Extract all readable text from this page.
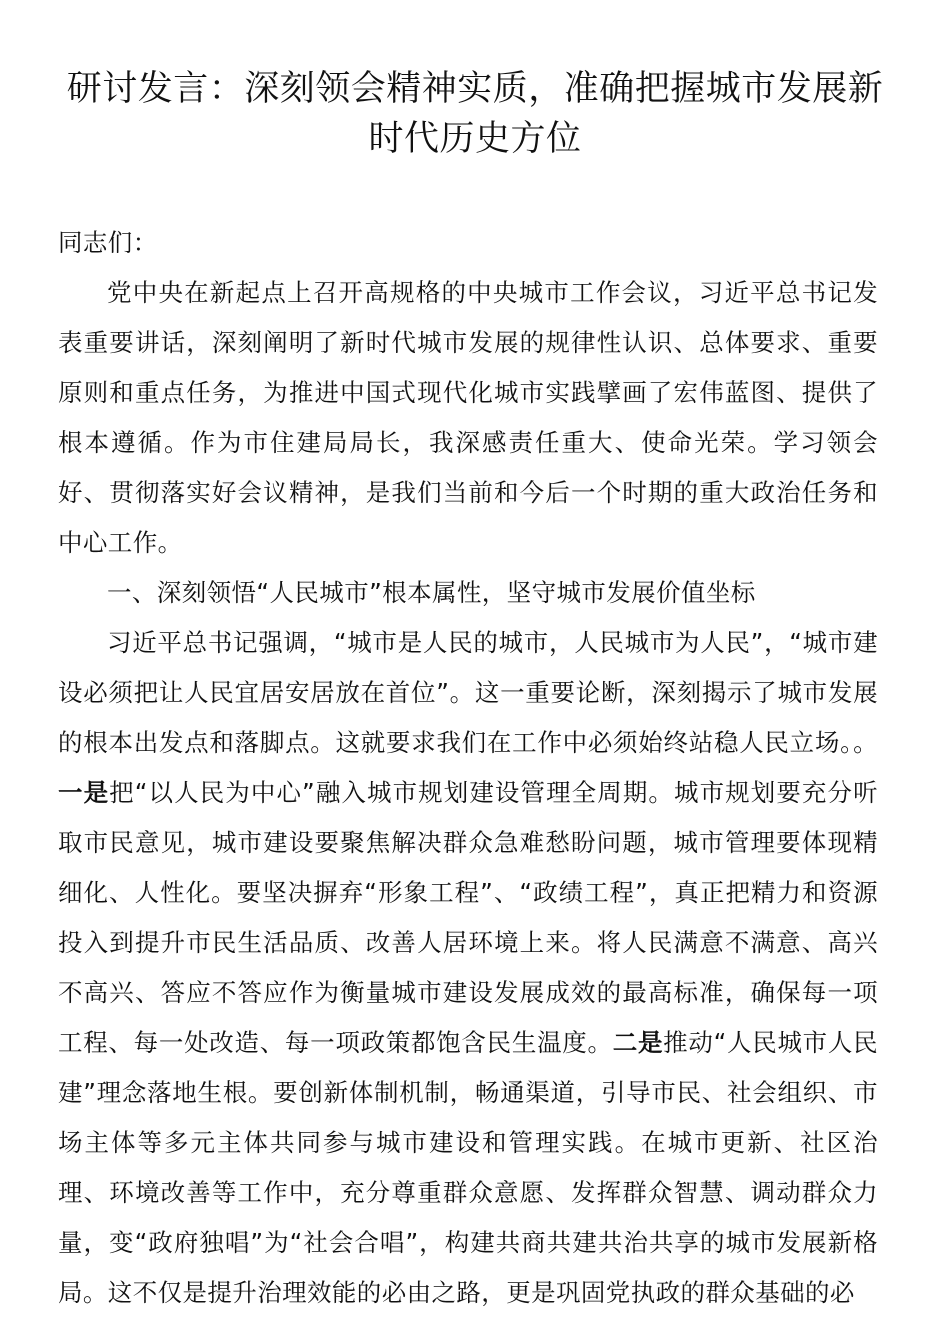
研讨发言：深刻领会精神实质，准确把握城市发展新时代历史方位

同志们：

党中央在新起点上召开高规格的中央城市工作会议，习近平总书记发表重要讲话，深刻阐明了新时代城市发展的规律性认识、总体要求、重要原则和重点任务，为推进中国式现代化城市实践擘画了宏伟蓝图、提供了根本遵循。作为市住建局局长，我深感责任重大、使命光荣。学习领会好、贯彻落实好会议精神，是我们当前和今后一个时期的重大政治任务和中心工作。

一、深刻领悟“人民城市”根本属性，坚守城市发展价值坐标

习近平总书记强调，“城市是人民的城市，人民城市为人民”，“城市建设必须把让人民宜居安居放在首位”。这一重要论断，深刻揭示了城市发展的根本出发点和落脚点。这就要求我们在工作中必须始终站稳人民立场。。一是把“以人民为中心”融入城市规划建设管理全周期。城市规划要充分听取市民意见，城市建设要聚焦解决群众急难愁盼问题，城市管理要体现精细化、人性化。要坚决摒弃“形象工程”、“政绩工程”，真正把精力和资源投入到提升市民生活品质、改善人居环境上来。将人民满意不满意、高兴不高兴、答应不答应作为衡量城市建设发展成效的最高标准，确保每一项工程、每一处改造、每一项政策都饱含民生温度。二是推动“人民城市人民建”理念落地生根。要创新体制机制，畅通渠道，引导市民、社会组织、市场主体等多元主体共同参与城市建设和管理实践。在城市更新、社区治理、环境改善等工作中，充分尊重群众意愿、发挥群众智慧、调动群众力量，变“政府独唱”为“社会合唱”，构建共商共建共治共享的城市发展新格局。这不仅是提升治理效能的必由之路，更是巩固党执政的群众基础的必
